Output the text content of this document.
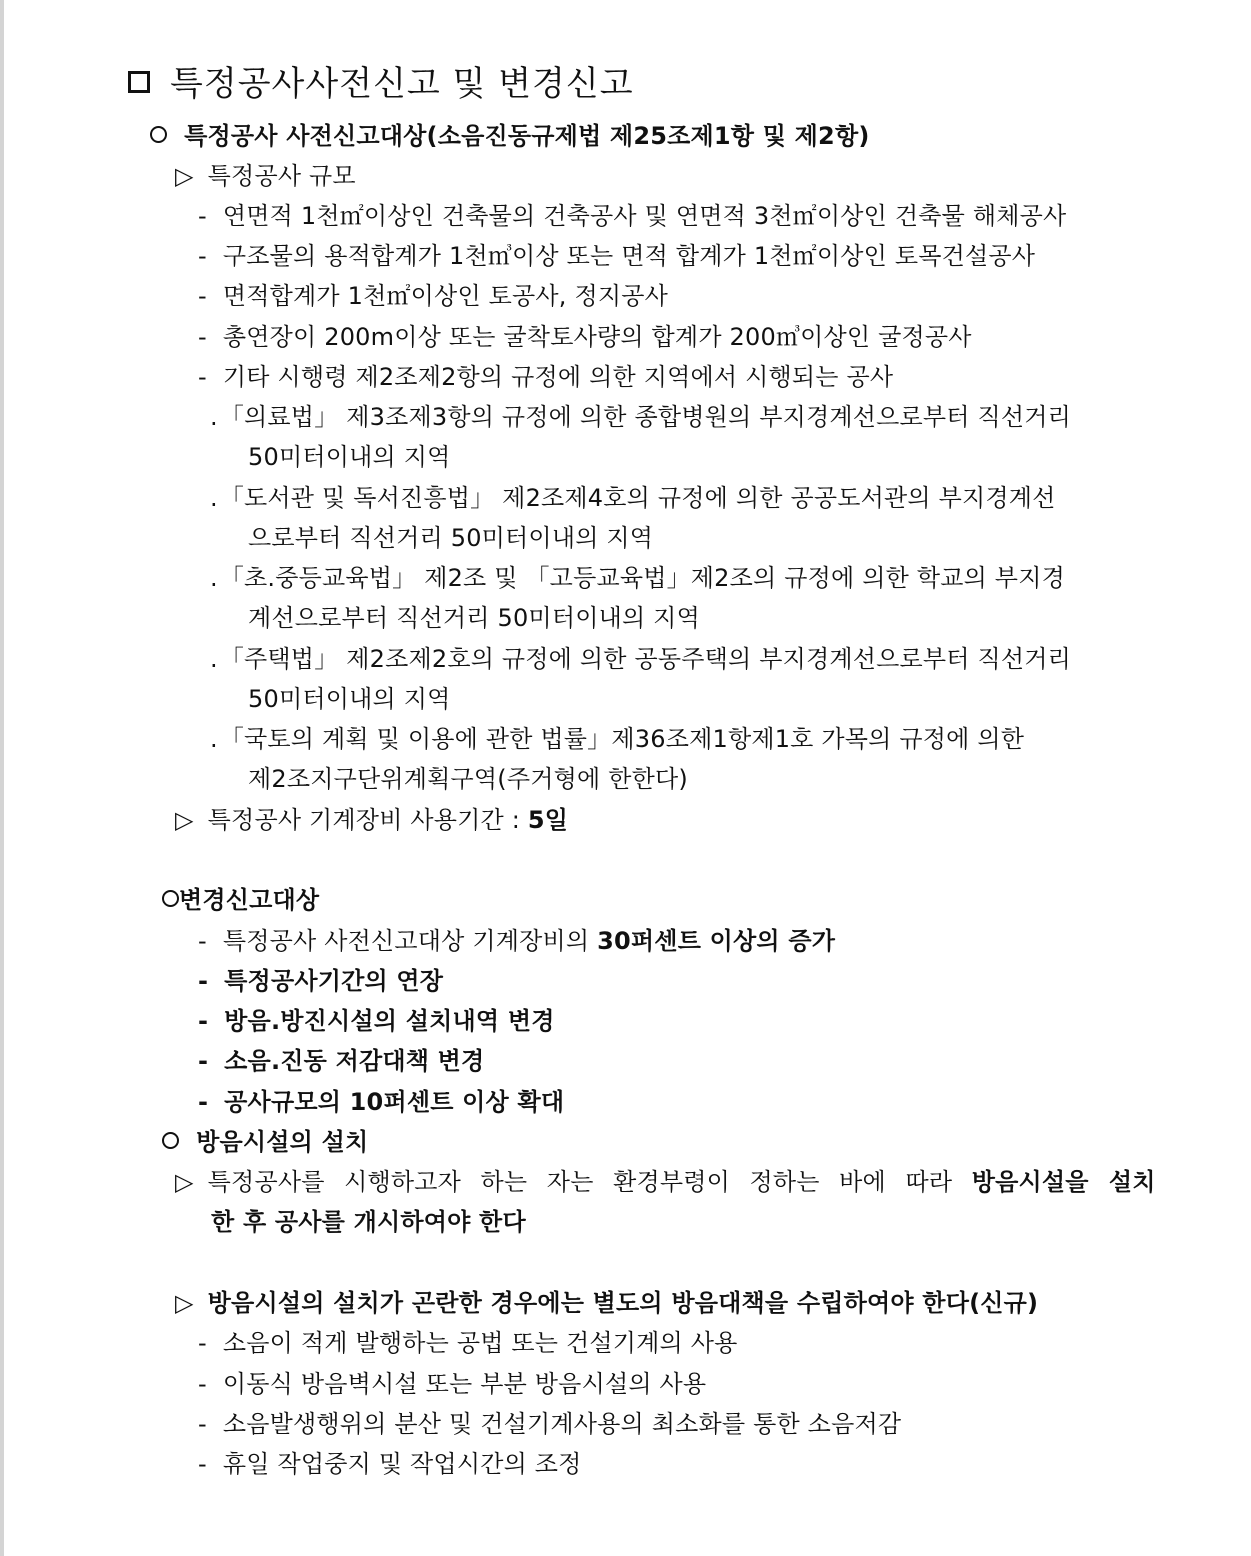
특정공사사전신고 및 변경신고
특정공사 사전신고대상(소음진동규제법 제25조제1항 및 제2항)
▷ 특정공사 규모
- 연면적 1천㎡이상인 건축물의 건축공사 및 연면적 3천㎡이상인 건축물 해체공사
- 구조물의 용적합계가 1천㎥이상 또는 면적 합계가 1천㎡이상인 토목건설공사
- 면적합계가 1천㎡이상인 토공사, 정지공사
- 총연장이 200m이상 또는 굴착토사량의 합계가 200㎥이상인 굴정공사
- 기타 시행령 제2조제2항의 규정에 의한 지역에서 시행되는 공사
.「의료법」 제3조제3항의 규정에 의한 종합병원의 부지경계선으로부터 직선거리
50미터이내의 지역
.「도서관 및 독서진흥법」 제2조제4호의 규정에 의한 공공도서관의 부지경계선
으로부터 직선거리 50미터이내의 지역
.「초.중등교육법」 제2조 및 「고등교육법」제2조의 규정에 의한 학교의 부지경
계선으로부터 직선거리 50미터이내의 지역
.「주택법」 제2조제2호의 규정에 의한 공동주택의 부지경계선으로부터 직선거리
50미터이내의 지역
.「국토의 계획 및 이용에 관한 법률」제36조제1항제1호 가목의 규정에 의한
제2조지구단위계획구역(주거형에 한한다)
▷ 특정공사 기계장비 사용기간 : 5일
변경신고대상
- 특정공사 사전신고대상 기계장비의 30퍼센트 이상의 증가
- 특정공사기간의 연장
- 방음.방진시설의 설치내역 변경
- 소음.진동 저감대책 변경
- 공사규모의 10퍼센트 이상 확대
방음시설의 설치
▷ 특정공사를 시행하고자 하는 자는 환경부령이 정하는 바에 따라 방음시설을 설치
한 후 공사를 개시하여야 한다
▷ 방음시설의 설치가 곤란한 경우에는 별도의 방음대책을 수립하여야 한다(신규)
- 소음이 적게 발행하는 공법 또는 건설기계의 사용
- 이동식 방음벽시설 또는 부분 방음시설의 사용
- 소음발생행위의 분산 및 건설기계사용의 최소화를 통한 소음저감
- 휴일 작업중지 및 작업시간의 조정
